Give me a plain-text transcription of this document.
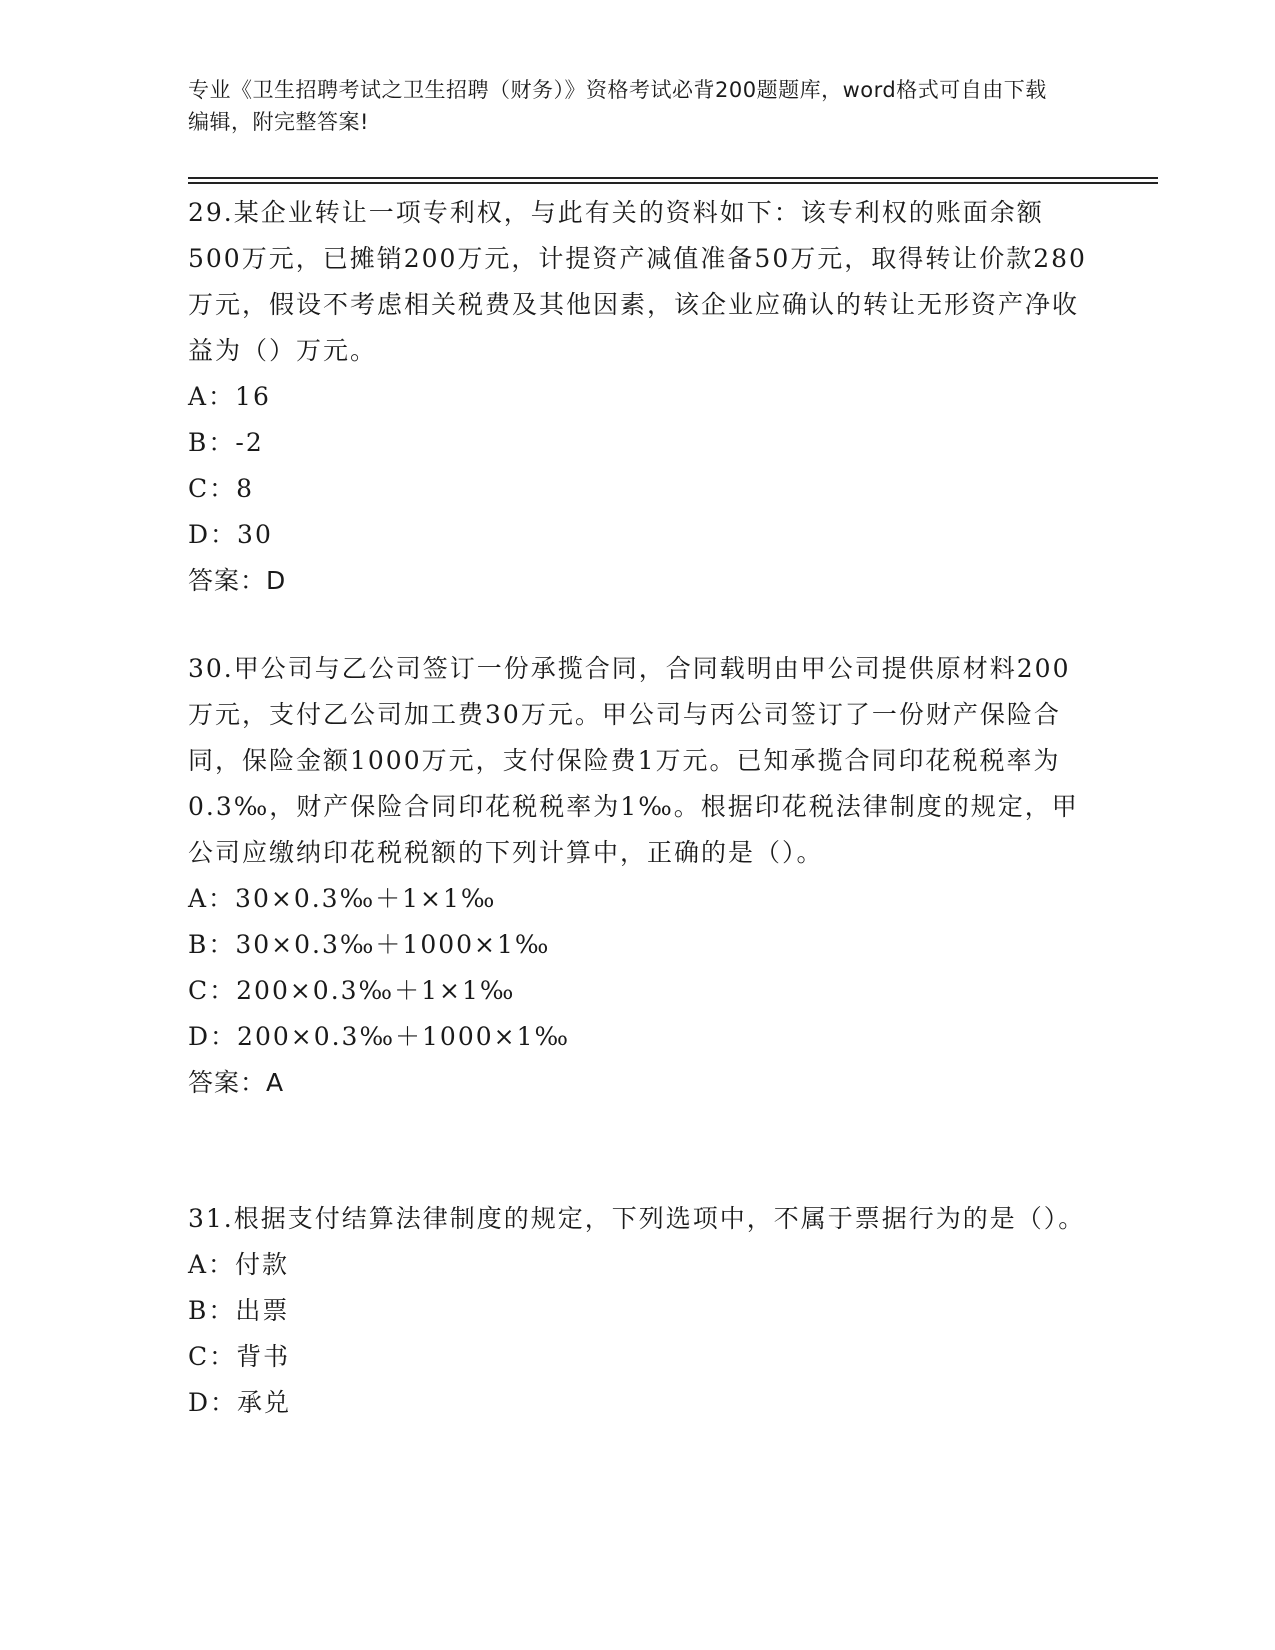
专业《卫生招聘考试之卫生招聘（财务）》资格考试必背200题题库，word格式可自由下载编辑，附完整答案!

29.某企业转让一项专利权，与此有关的资料如下：该专利权的账面余额500万元，已摊销200万元，计提资产减值准备50万元，取得转让价款280万元，假设不考虑相关税费及其他因素，该企业应确认的转让无形资产净收益为（）万元。

A：16

B：-2

C：8

D：30

答案：D

30.甲公司与乙公司签订一份承揽合同，合同载明由甲公司提供原材料200万元，支付乙公司加工费30万元。甲公司与丙公司签订了一份财产保险合同，保险金额1000万元，支付保险费1万元。已知承揽合同印花税税率为0.3‰，财产保险合同印花税税率为1‰。根据印花税法律制度的规定，甲公司应缴纳印花税税额的下列计算中，正确的是（）。

A：30×0.3‰＋1×1‰

B：30×0.3‰＋1000×1‰

C：200×0.3‰＋1×1‰

D：200×0.3‰＋1000×1‰

答案：A

31.根据支付结算法律制度的规定，下列选项中，不属于票据行为的是（）。

A：付款

B：出票

C：背书

D：承兑
